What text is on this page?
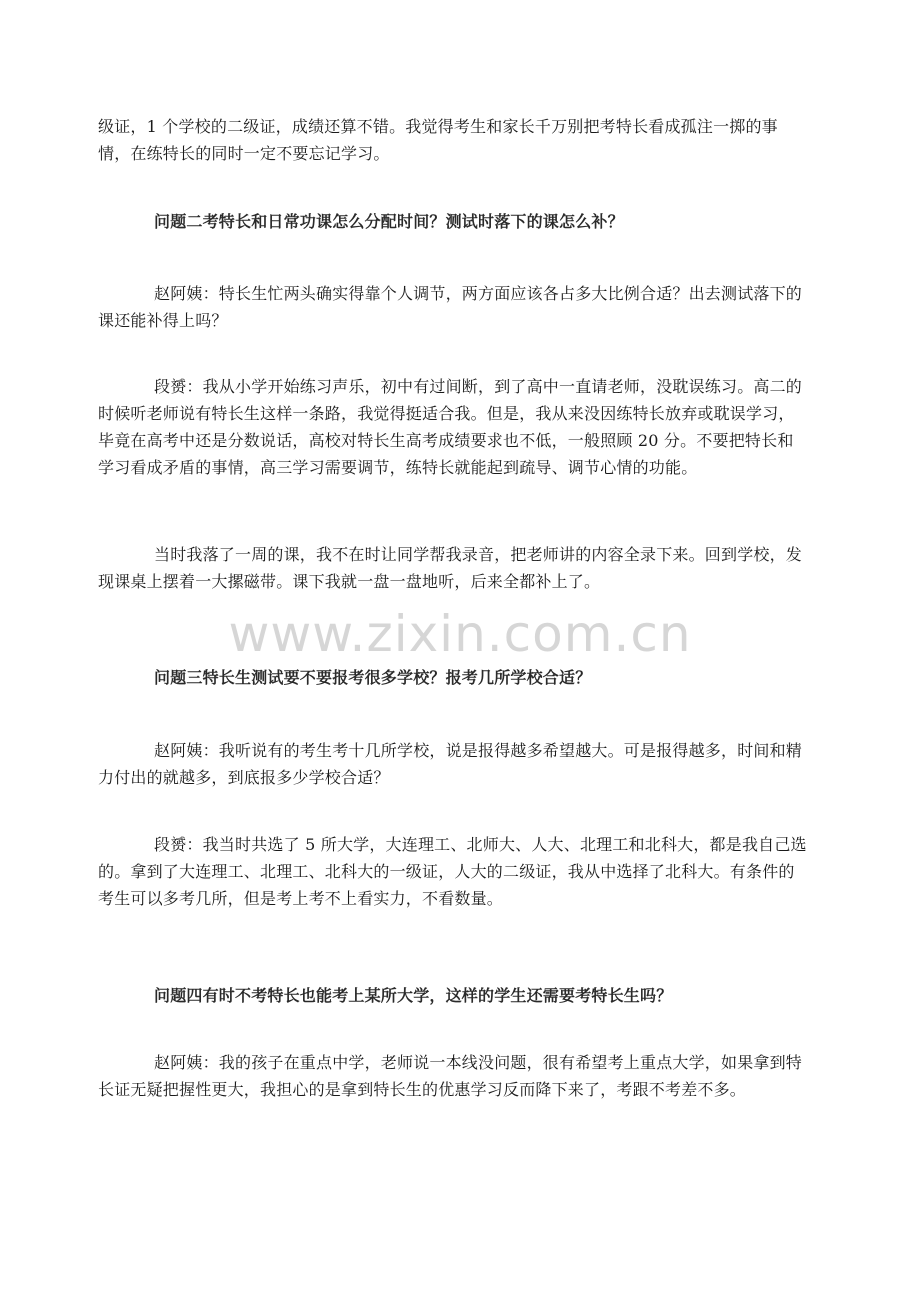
级证，1 个学校的二级证，成绩还算不错。我觉得考生和家长千万别把考特长看成孤注一掷的事情，在练特长的同时一定不要忘记学习。

问题二考特长和日常功课怎么分配时间？测试时落下的课怎么补？

赵阿姨：特长生忙两头确实得靠个人调节，两方面应该各占多大比例合适？出去测试落下的课还能补得上吗？

段赟：我从小学开始练习声乐，初中有过间断，到了高中一直请老师，没耽误练习。高二的时候听老师说有特长生这样一条路，我觉得挺适合我。但是，我从来没因练特长放弃或耽误学习，毕竟在高考中还是分数说话，高校对特长生高考成绩要求也不低，一般照顾 20 分。不要把特长和学习看成矛盾的事情，高三学习需要调节，练特长就能起到疏导、调节心情的功能。

当时我落了一周的课，我不在时让同学帮我录音，把老师讲的内容全录下来。回到学校，发现课桌上摆着一大摞磁带。课下我就一盘一盘地听，后来全都补上了。

www.zixin.com.cn

问题三特长生测试要不要报考很多学校？报考几所学校合适？

赵阿姨：我听说有的考生考十几所学校，说是报得越多希望越大。可是报得越多，时间和精力付出的就越多，到底报多少学校合适？

段赟：我当时共选了 5 所大学，大连理工、北师大、人大、北理工和北科大，都是我自己选的。拿到了大连理工、北理工、北科大的一级证，人大的二级证，我从中选择了北科大。有条件的考生可以多考几所，但是考上考不上看实力，不看数量。

问题四有时不考特长也能考上某所大学，这样的学生还需要考特长生吗？

赵阿姨：我的孩子在重点中学，老师说一本线没问题，很有希望考上重点大学，如果拿到特长证无疑把握性更大，我担心的是拿到特长生的优惠学习反而降下来了，考跟不考差不多。
